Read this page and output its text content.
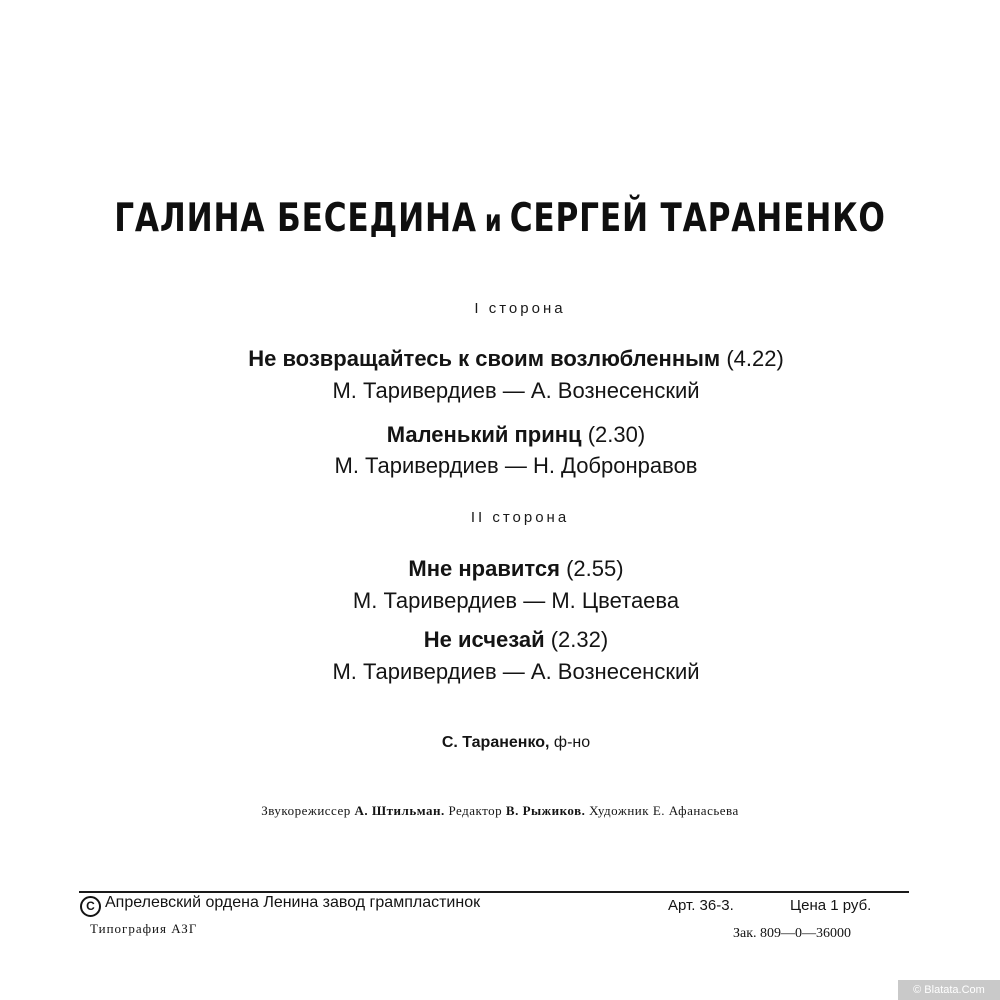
ГАЛИНА БЕСЕДИНА и СЕРГЕЙ ТАРАНЕНКО
I сторона
Не возвращайтесь к своим возлюбленным (4.22)
М. Таривердиев — А. Вознесенский
Маленький принц (2.30)
М. Таривердиев — Н. Добронравов
II сторона
Мне нравится (2.55)
М. Таривердиев — М. Цветаева
Не исчезай (2.32)
М. Таривердиев — А. Вознесенский
С. Тараненко, ф-но
Звукорежиссер А. Штильман. Редактор В. Рыжиков. Художник Е. Афанасьева
C Апрелевский ордена Ленина завод грампластинок	Арт. 36-3.	Цена 1 руб.
Типография АЗГ	Зак. 809—0—36000
© Blatata.Com
